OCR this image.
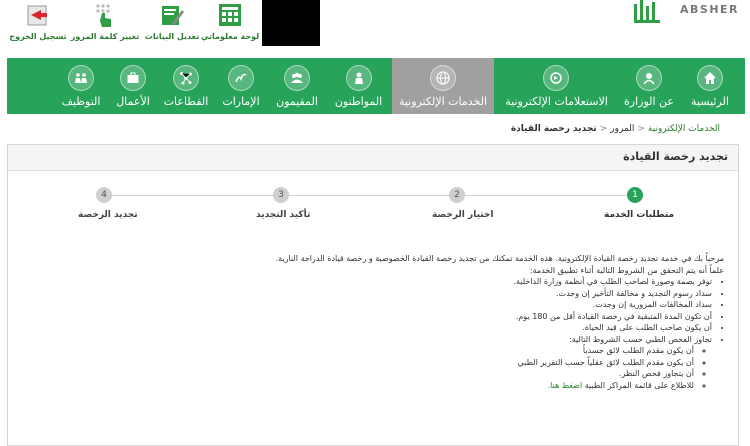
تسجيل الخروج تغيير كلمة المرور تعديل البيانات لوحة معلوماتي
ABSHER
الرئيسية
عن الوزارة
الاستعلامات الإلكترونية
الخدمات الإلكترونية
المواطنون
المقيمون
الإمارات
القطاعات
الأعمال
التوظيف
الخدمات الإلكترونية<المرور<تجديد رخصة القيادة
تجديد رخصة القيادة
1
متطلبات الخدمة
2
اختيار الرخصة
3
تأكيد التجديد
4
تجديد الرخصة

مرحباً بك في خدمة تجديد رخصة القيادة الإلكترونية. هذه الخدمة تمكنك من تجديد رخصة القيادة الخصوصية و رخصة قيادة الدراجة النارية.

علماً أنه يتم التحقق من الشروط التالية أثناء تطبيق الخدمة:

• توفر بصمة وصورة لصاحب الطلب في أنظمة وزارة الداخلية.
• سداد رسوم التجديد و مخالفة التأخير إن وجدت.
• سداد المخالفات المرورية إن وجدت.
• أن تكون المدة المتبقية في رخصة القيادة أقل من 180 يوم.
• أن يكون صاحب الطلب على قيد الحياة.
• تجاوز الفحص الطبي حسب الشروط التالية:
◦ أن يكون مقدم الطلب لائق جسدياً
◦ أن يكون مقدم الطلب لائق عقلياً حسب التقرير الطبي
◦ أن يتجاوز فحص النظر.
◦ للاطلاع على قائمة المراكز الطبية اضغط هنا.
